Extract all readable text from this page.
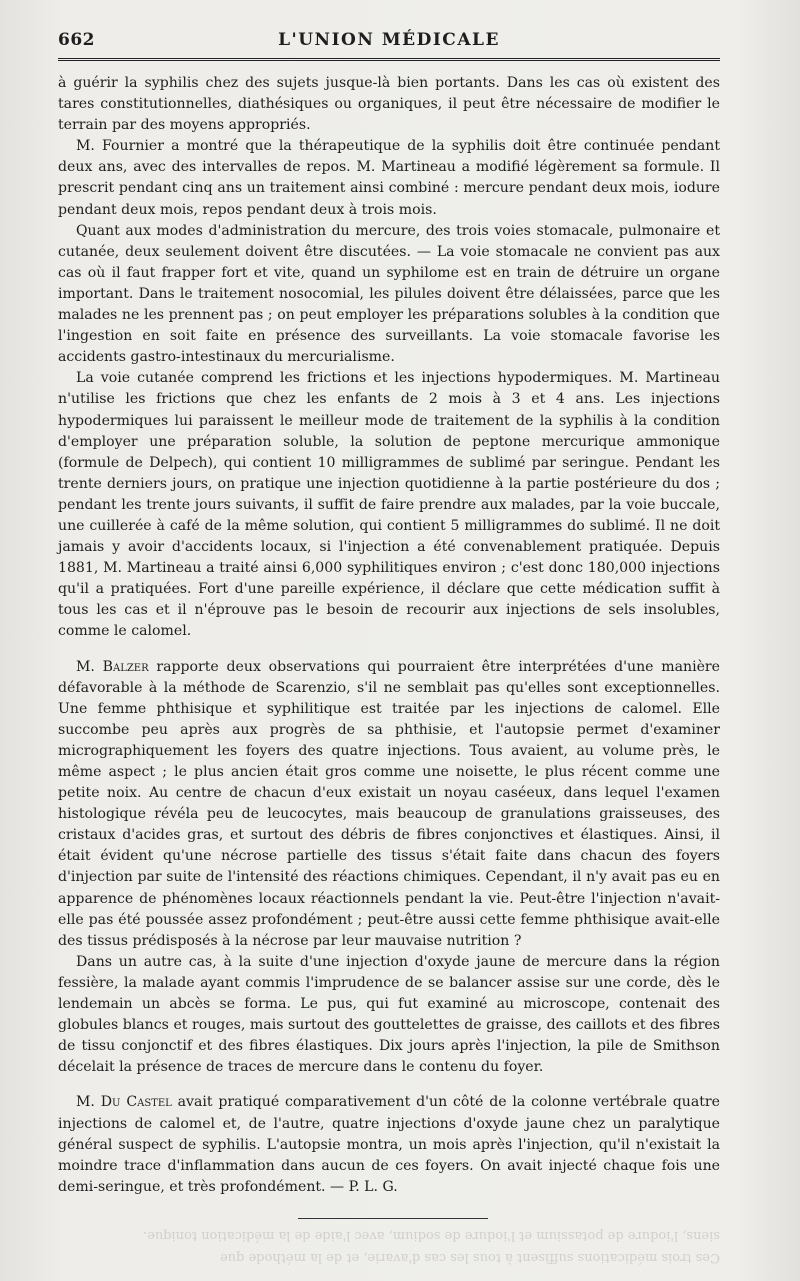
662	L'UNION MÉDICALE

à guérir la syphilis chez des sujets jusque-là bien portants. Dans les cas où existent des tares constitutionnelles, diathésiques ou organiques, il peut être nécessaire de modifier le terrain par des moyens appropriés.

M. Fournier a montré que la thérapeutique de la syphilis doit être continuée pendant deux ans, avec des intervalles de repos. M. Martineau a modifié légèrement sa formule. Il prescrit pendant cinq ans un traitement ainsi combiné : mercure pendant deux mois, iodure pendant deux mois, repos pendant deux à trois mois.

Quant aux modes d'administration du mercure, des trois voies stomacale, pulmonaire et cutanée, deux seulement doivent être discutées. — La voie stomacale ne convient pas aux cas où il faut frapper fort et vite, quand un syphilome est en train de détruire un organe important. Dans le traitement nosocomial, les pilules doivent être délaissées, parce que les malades ne les prennent pas ; on peut employer les préparations solubles à la condition que l'ingestion en soit faite en présence des surveillants. La voie stomacale favorise les accidents gastro-intestinaux du mercurialisme.

La voie cutanée comprend les frictions et les injections hypodermiques. M. Martineau n'utilise les frictions que chez les enfants de 2 mois à 3 et 4 ans. Les injections hypodermiques lui paraissent le meilleur mode de traitement de la syphilis à la condition d'employer une préparation soluble, la solution de peptone mercurique ammonique (formule de Delpech), qui contient 10 milligrammes de sublimé par seringue. Pendant les trente derniers jours, on pratique une injection quotidienne à la partie postérieure du dos ; pendant les trente jours suivants, il suffit de faire prendre aux malades, par la voie buccale, une cuillerée à café de la même solution, qui contient 5 milligrammes do sublimé. Il ne doit jamais y avoir d'accidents locaux, si l'injection a été convenablement pratiquée. Depuis 1881, M. Martineau a traité ainsi 6,000 syphilitiques environ ; c'est donc 180,000 injections qu'il a pratiquées. Fort d'une pareille expérience, il déclare que cette médication suffit à tous les cas et il n'éprouve pas le besoin de recourir aux injections de sels insolubles, comme le calomel.

M. Balzer rapporte deux observations qui pourraient être interprétées d'une manière défavorable à la méthode de Scarenzio, s'il ne semblait pas qu'elles sont exceptionnelles. Une femme phthisique et syphilitique est traitée par les injections de calomel. Elle succombe peu après aux progrès de sa phthisie, et l'autopsie permet d'examiner micrographiquement les foyers des quatre injections. Tous avaient, au volume près, le même aspect ; le plus ancien était gros comme une noisette, le plus récent comme une petite noix. Au centre de chacun d'eux existait un noyau caséeux, dans lequel l'examen histologique révéla peu de leucocytes, mais beaucoup de granulations graisseuses, des cristaux d'acides gras, et surtout des débris de fibres conjonctives et élastiques. Ainsi, il était évident qu'une nécrose partielle des tissus s'était faite dans chacun des foyers d'injection par suite de l'intensité des réactions chimiques. Cependant, il n'y avait pas eu en apparence de phénomènes locaux réactionnels pendant la vie. Peut-être l'injection n'avait-elle pas été poussée assez profondément ; peut-être aussi cette femme phthisique avait-elle des tissus prédisposés à la nécrose par leur mauvaise nutrition ?

Dans un autre cas, à la suite d'une injection d'oxyde jaune de mercure dans la région fessière, la malade ayant commis l'imprudence de se balancer assise sur une corde, dès le lendemain un abcès se forma. Le pus, qui fut examiné au microscope, contenait des globules blancs et rouges, mais surtout des gouttelettes de graisse, des caillots et des fibres de tissu conjonctif et des fibres élastiques. Dix jours après l'injection, la pile de Smithson décelait la présence de traces de mercure dans le contenu du foyer.

M. Du Castel avait pratiqué comparativement d'un côté de la colonne vertébrale quatre injections de calomel et, de l'autre, quatre injections d'oxyde jaune chez un paralytique général suspect de syphilis. L'autopsie montra, un mois après l'injection, qu'il n'existait la moindre trace d'inflammation dans aucun de ces foyers. On avait injecté chaque fois une demi-seringue, et très profondément. — P. L. G.

siens, l'iodure de potassium et l'iodure de sodium, avec l'aide de la médication tonique.
Ces trois médications suffisent à tous les cas d'avarie, et de la méthode que
